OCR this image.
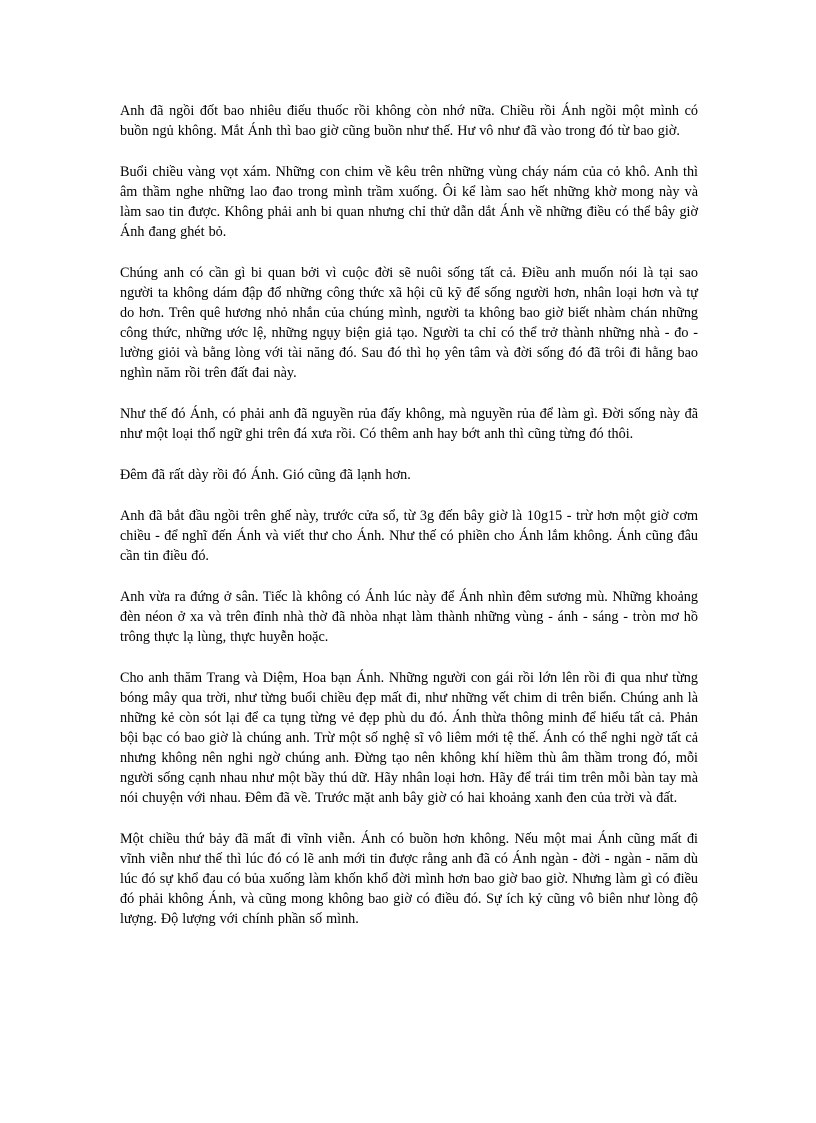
Anh đã ngồi đốt bao nhiêu điếu thuốc rồi không còn nhớ nữa. Chiều rồi Ánh ngồi một mình có buồn ngủ không. Mắt Ánh thì bao giờ cũng buồn như thế. Hư vô như đã vào trong đó từ bao giờ.

Buổi chiều vàng vọt xám. Những con chim về kêu trên những vùng cháy nám của cỏ khô. Anh thì âm thầm nghe những lao đao trong mình trầm xuống. Ôi kể làm sao hết những khờ mong này và làm sao tin được. Không phải anh bi quan nhưng chỉ thử dẫn dắt Ánh về những điều có thể bây giờ Ánh đang ghét bỏ.

Chúng anh có cần gì bi quan bởi vì cuộc đời sẽ nuôi sống tất cả. Điều anh muốn nói là tại sao người ta không dám đập đổ những công thức xã hội cũ kỹ để sống người hơn, nhân loại hơn và tự do hơn. Trên quê hương nhỏ nhắn của chúng mình, người ta không bao giờ biết nhàm chán những công thức, những ước lệ, những ngụy biện giả tạo. Người ta chỉ có thể trở thành những nhà - đo - lường giỏi và bằng lòng với tài năng đó. Sau đó thì họ yên tâm và đời sống đó đã trôi đi hằng bao nghìn năm rồi trên đất đai này.

Như thế đó Ánh, có phải anh đã nguyền rủa đấy không, mà nguyền rủa để làm gì. Đời sống này đã như một loại thổ ngữ ghi trên đá xưa rồi. Có thêm anh hay bớt anh thì cũng từng đó thôi.

Đêm đã rất dày rồi đó Ánh. Gió cũng đã lạnh hơn.

Anh đã bắt đầu ngồi trên ghế này, trước cửa sổ, từ 3g đến bây giờ là 10g15 - trừ hơn một giờ cơm chiều - để nghĩ đến Ánh và viết thư cho Ánh. Như thế có phiền cho Ánh lắm không. Ánh cũng đâu cần tin điều đó.

Anh vừa ra đứng ở sân. Tiếc là không có Ánh lúc này để Ánh nhìn đêm sương mù. Những khoảng đèn néon ở xa và trên đỉnh nhà thờ đã nhòa nhạt làm thành những vùng - ánh - sáng - tròn mơ hồ trông thực lạ lùng, thực huyễn hoặc.

Cho anh thăm Trang và Diệm, Hoa bạn Ánh. Những người con gái rồi lớn lên rồi đi qua như từng bóng mây qua trời, như từng buổi chiều đẹp mất đi, như những vết chim di trên biển. Chúng anh là những kẻ còn sót lại để ca tụng từng vẻ đẹp phù du đó. Ánh thừa thông minh để hiểu tất cả. Phản bội bạc có bao giờ là chúng anh. Trừ một số nghệ sĩ vô liêm mới tệ thế. Ánh có thể nghi ngờ tất cả nhưng không nên nghi ngờ chúng anh. Đừng tạo nên không khí hiềm thù âm thầm trong đó, mỗi người sống cạnh nhau như một bầy thú dữ. Hãy nhân loại hơn. Hãy để trái tim trên mỗi bàn tay mà nói chuyện với nhau. Đêm đã về. Trước mặt anh bây giờ có hai khoảng xanh đen của trời và đất.

Một chiều thứ bảy đã mất đi vĩnh viễn. Ánh có buồn hơn không. Nếu một mai Ánh cũng mất đi vĩnh viễn như thế thì lúc đó có lẽ anh mới tin được rằng anh đã có Ánh ngàn - đời - ngàn - năm dù lúc đó sự khổ đau có bủa xuống làm khốn khổ đời mình hơn bao giờ bao giờ. Nhưng làm gì có điều đó phải không Ánh, và cũng mong không bao giờ có điều đó. Sự ích kỷ cũng vô biên như lòng độ lượng. Độ lượng với chính phần số mình.
